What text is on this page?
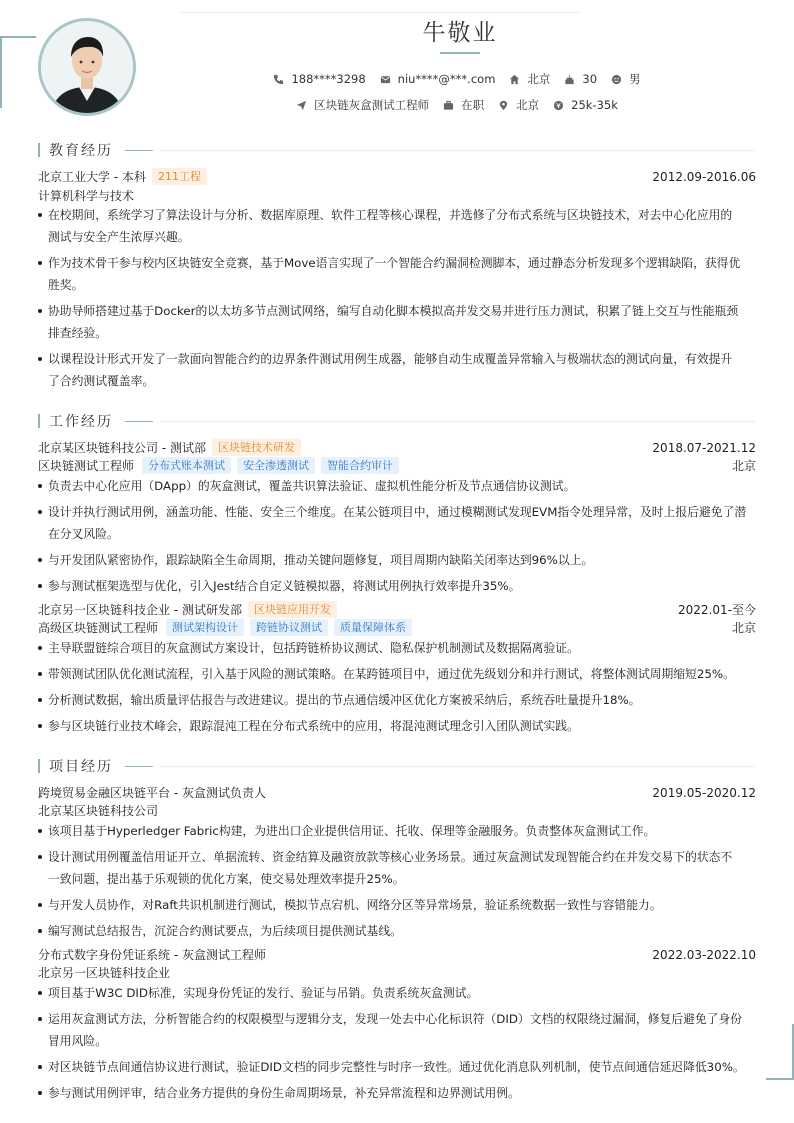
牛敬业
188****3298	niu****@***.com	北京	30	男
区块链灰盒测试工程师	在职	北京	25k-35k
教育经历
北京工业大学 - 本科	211工程	2012.09-2016.06
计算机科学与技术
在校期间，系统学习了算法设计与分析、数据库原理、软件工程等核心课程，并选修了分布式系统与区块链技术，对去中心化应用的
测试与安全产生浓厚兴趣。
作为技术骨干参与校内区块链安全竞赛，基于Move语言实现了一个智能合约漏洞检测脚本，通过静态分析发现多个逻辑缺陷，获得优
胜奖。
协助导师搭建过基于Docker的以太坊多节点测试网络，编写自动化脚本模拟高并发交易并进行压力测试，积累了链上交互与性能瓶颈
排查经验。
以课程设计形式开发了一款面向智能合约的边界条件测试用例生成器，能够自动生成覆盖异常输入与极端状态的测试向量，有效提升
了合约测试覆盖率。
工作经历
北京某区块链科技公司 - 测试部	区块链技术研发	2018.07-2021.12
区块链测试工程师	分布式账本测试	安全渗透测试	智能合约审计	北京
负责去中心化应用（DApp）的灰盒测试，覆盖共识算法验证、虚拟机性能分析及节点通信协议测试。
设计并执行测试用例，涵盖功能、性能、安全三个维度。在某公链项目中，通过模糊测试发现EVM指令处理异常，及时上报后避免了潜
在分叉风险。
与开发团队紧密协作，跟踪缺陷全生命周期，推动关键问题修复，项目周期内缺陷关闭率达到96%以上。
参与测试框架选型与优化，引入Jest结合自定义链模拟器，将测试用例执行效率提升35%。
北京另一区块链科技企业 - 测试研发部	区块链应用开发	2022.01-至今
高级区块链测试工程师	测试架构设计	跨链协议测试	质量保障体系	北京
主导联盟链综合项目的灰盒测试方案设计，包括跨链桥协议测试、隐私保护机制测试及数据隔离验证。
带领测试团队优化测试流程，引入基于风险的测试策略。在某跨链项目中，通过优先级划分和并行测试，将整体测试周期缩短25%。
分析测试数据，输出质量评估报告与改进建议。提出的节点通信缓冲区优化方案被采纳后，系统吞吐量提升18%。
参与区块链行业技术峰会，跟踪混沌工程在分布式系统中的应用，将混沌测试理念引入团队测试实践。
项目经历
跨境贸易金融区块链平台 - 灰盒测试负责人	2019.05-2020.12
北京某区块链科技公司
该项目基于Hyperledger Fabric构建，为进出口企业提供信用证、托收、保理等金融服务。负责整体灰盒测试工作。
设计测试用例覆盖信用证开立、单据流转、资金结算及融资放款等核心业务场景。通过灰盒测试发现智能合约在并发交易下的状态不
一致问题，提出基于乐观锁的优化方案，使交易处理效率提升25%。
与开发人员协作，对Raft共识机制进行测试，模拟节点宕机、网络分区等异常场景，验证系统数据一致性与容错能力。
编写测试总结报告，沉淀合约测试要点，为后续项目提供测试基线。
分布式数字身份凭证系统 - 灰盒测试工程师	2022.03-2022.10
北京另一区块链科技企业
项目基于W3C DID标准，实现身份凭证的发行、验证与吊销。负责系统灰盒测试。
运用灰盒测试方法，分析智能合约的权限模型与逻辑分支，发现一处去中心化标识符（DID）文档的权限绕过漏洞，修复后避免了身份
冒用风险。
对区块链节点间通信协议进行测试，验证DID文档的同步完整性与时序一致性。通过优化消息队列机制，使节点间通信延迟降低30%。
参与测试用例评审，结合业务方提供的身份生命周期场景，补充异常流程和边界测试用例。
